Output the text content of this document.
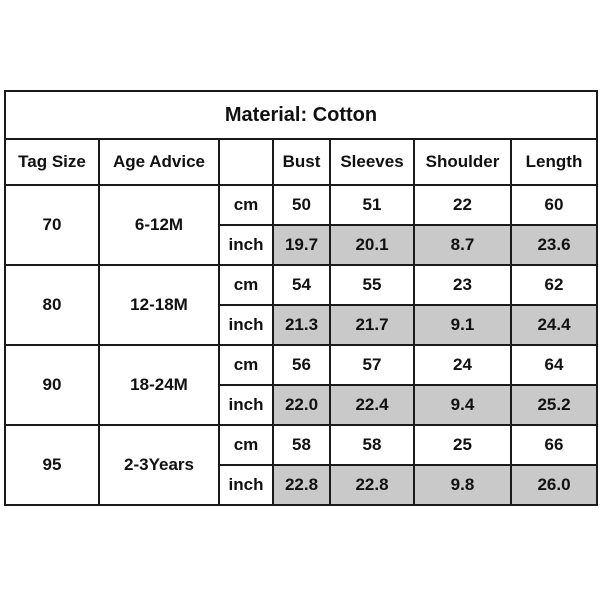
Material: Cotton						
Tag Size	Age Advice		Bust	Sleeves	Shoulder	Length
70	6-12M	cm	50	51	22	60
		inch	19.7	20.1	8.7	23.6
80	12-18M	cm	54	55	23	62
		inch	21.3	21.7	9.1	24.4
90	18-24M	cm	56	57	24	64
		inch	22.0	22.4	9.4	25.2
95	2-3Years	cm	58	58	25	66
		inch	22.8	22.8	9.8	26.0
